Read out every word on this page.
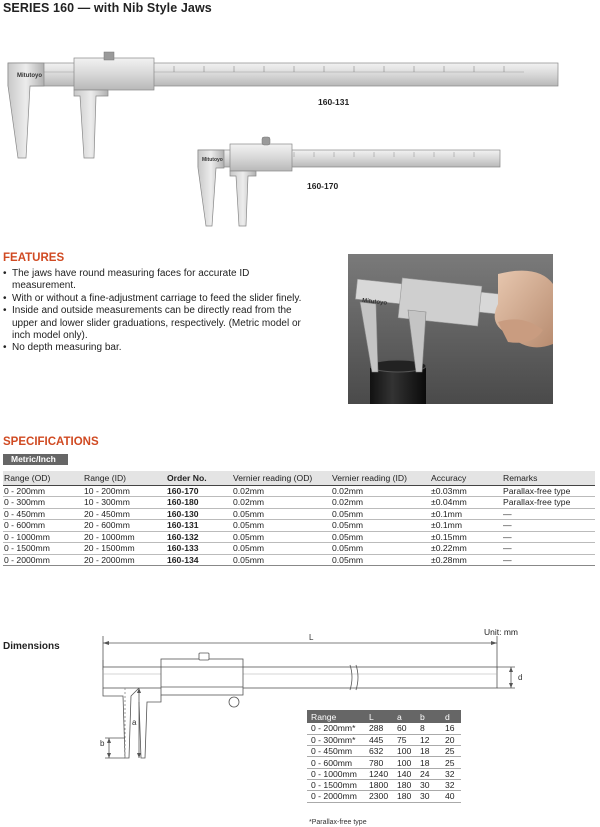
SERIES 160 — with Nib Style Jaws
Mitutoyo
160-131
Mitutoyo
160-170
FEATURES
• The jaws have round measuring faces for accurate ID measurement.
• With or without a fine-adjustment carriage to feed the slider finely.
• Inside and outside measurements can be directly read from the upper and lower slider graduations, respectively. (Metric model or inch model only).
• No depth measuring bar.
Mitutoyo
SPECIFICATIONS
Metric/Inch
Range (OD)	Range (ID)	Order No.	Vernier reading (OD)	Vernier reading (ID)	Accuracy	Remarks
0 - 200mm	10 - 200mm	160-170	0.02mm	0.02mm	±0.03mm	Parallax-free type
0 - 300mm	10 - 300mm	160-180	0.02mm	0.02mm	±0.04mm	Parallax-free type
0 - 450mm	20 - 450mm	160-130	0.05mm	0.05mm	±0.1mm	—
0 - 600mm	20 - 600mm	160-131	0.05mm	0.05mm	±0.1mm	—
0 - 1000mm	20 - 1000mm	160-132	0.05mm	0.05mm	±0.15mm	—
0 - 1500mm	20 - 1500mm	160-133	0.05mm	0.05mm	±0.22mm	—
0 - 2000mm	20 - 2000mm	160-134	0.05mm	0.05mm	±0.28mm	—
Dimensions
Unit: mm
L
d
a
b
Range	L	a	b	d
0 - 200mm*	288	60	8	16
0 - 300mm*	445	75	12	20
0 - 450mm	632	100	18	25
0 - 600mm	780	100	18	25
0 - 1000mm	1240	140	24	32
0 - 1500mm	1800	180	30	32
0 - 2000mm	2300	180	30	40
*Parallax-free type
